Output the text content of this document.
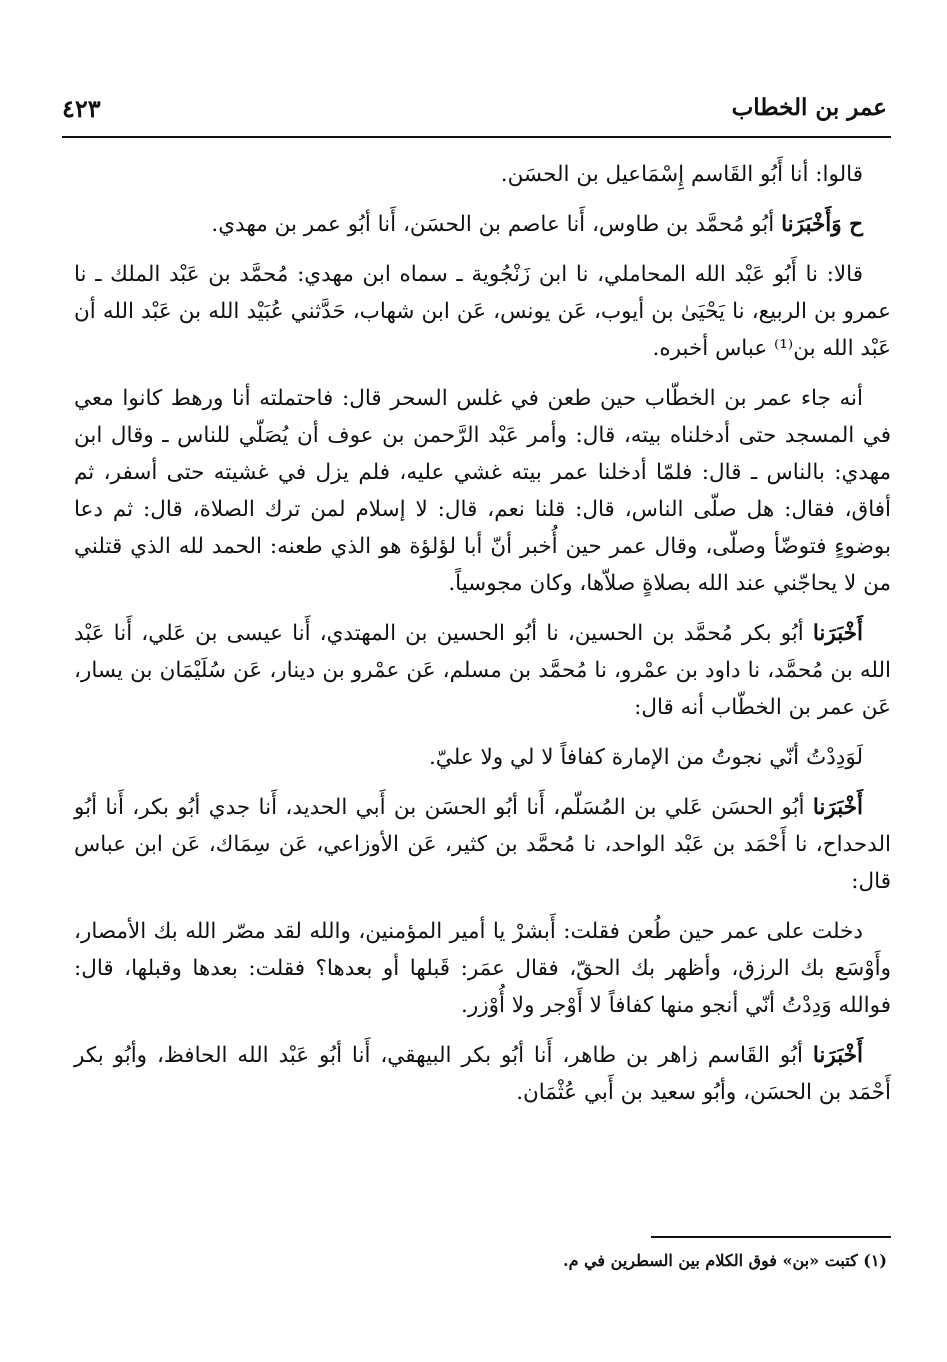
عمر بن الخطاب
٤٢٣

قالوا: أنا أَبُو القَاسم إِسْمَاعيل بن الحسَن.

ح وَأَخْبَرَنا أبُو مُحمَّد بن طاوس، أَنا عاصم بن الحسَن، أَنا أبُو عمر بن مهدي.

قالا: نا أَبُو عَبْد الله المحاملي، نا ابن زَنْجُوية ـ سماه ابن مهدي: مُحمَّد بن عَبْد الملك ـ نا عمرو بن الربيع، نا يَحْيَىٰ بن أيوب، عَن يونس، عَن ابن شهاب، حَدَّثني عُبَيْد الله بن عَبْد الله أن عَبْد الله بن⁽¹⁾ عباس أخبره.

أنه جاء عمر بن الخطّاب حين طعن في غلس السحر قال: فاحتملته أنا ورهط كانوا معي في المسجد حتى أدخلناه بيته، قال: وأمر عَبْد الرَّحمن بن عوف أن يُصَلّي للناس ـ وقال ابن مهدي: بالناس ـ قال: فلمّا أدخلنا عمر بيته غشي عليه، فلم يزل في غشيته حتى أسفر، ثم أفاق، فقال: هل صلّى الناس، قال: قلنا نعم، قال: لا إسلام لمن ترك الصلاة، قال: ثم دعا بوضوءٍ فتوضّأ وصلّى، وقال عمر حين أُخبر أنّ أبا لؤلؤة هو الذي طعنه: الحمد لله الذي قتلني من لا يحاجّني عند الله بصلاةٍ صلاّها، وكان مجوسياً.

أَخْبَرَنا أبُو بكر مُحمَّد بن الحسين، نا أبُو الحسين بن المهتدي، أَنا عيسى بن عَلي، أَنا عَبْد الله بن مُحمَّد، نا داود بن عمْرو، نا مُحمَّد بن مسلم، عَن عمْرو بن دينار، عَن سُلَيْمَان بن يسار، عَن عمر بن الخطّاب أنه قال:

لَوَدِدْتُ أنّي نجوتُ من الإمارة كفافاً لا لي ولا عليّ.

أَخْبَرَنا أبُو الحسَن عَلي بن المُسَلّم، أَنا أبُو الحسَن بن أَبي الحديد، أَنا جدي أبُو بكر، أَنا أبُو الدحداح، نا أَحْمَد بن عَبْد الواحد، نا مُحمَّد بن كثير، عَن الأوزاعي، عَن سِمَاك، عَن ابن عباس قال:

دخلت على عمر حين طُعن فقلت: أَبشرْ يا أمير المؤمنين، والله لقد مصّر الله بك الأمصار، وأَوْسَع بك الرزق، وأظهر بك الحقّ، فقال عمَر: قَبلها أو بعدها؟ فقلت: بعدها وقبلها، قال: فوالله وَدِدْتُ أنّي أنجو منها كفافاً لا أَوْجر ولا أُوْزر.

أَخْبَرَنا أبُو القَاسم زاهر بن طاهر، أَنا أبُو بكر البيهقي، أَنا أبُو عَبْد الله الحافظ، وأبُو بكر أَحْمَد بن الحسَن، وأبُو سعيد بن أَبي عُثْمَان.

(١) كتبت «بن» فوق الكلام بين السطرين في م.
